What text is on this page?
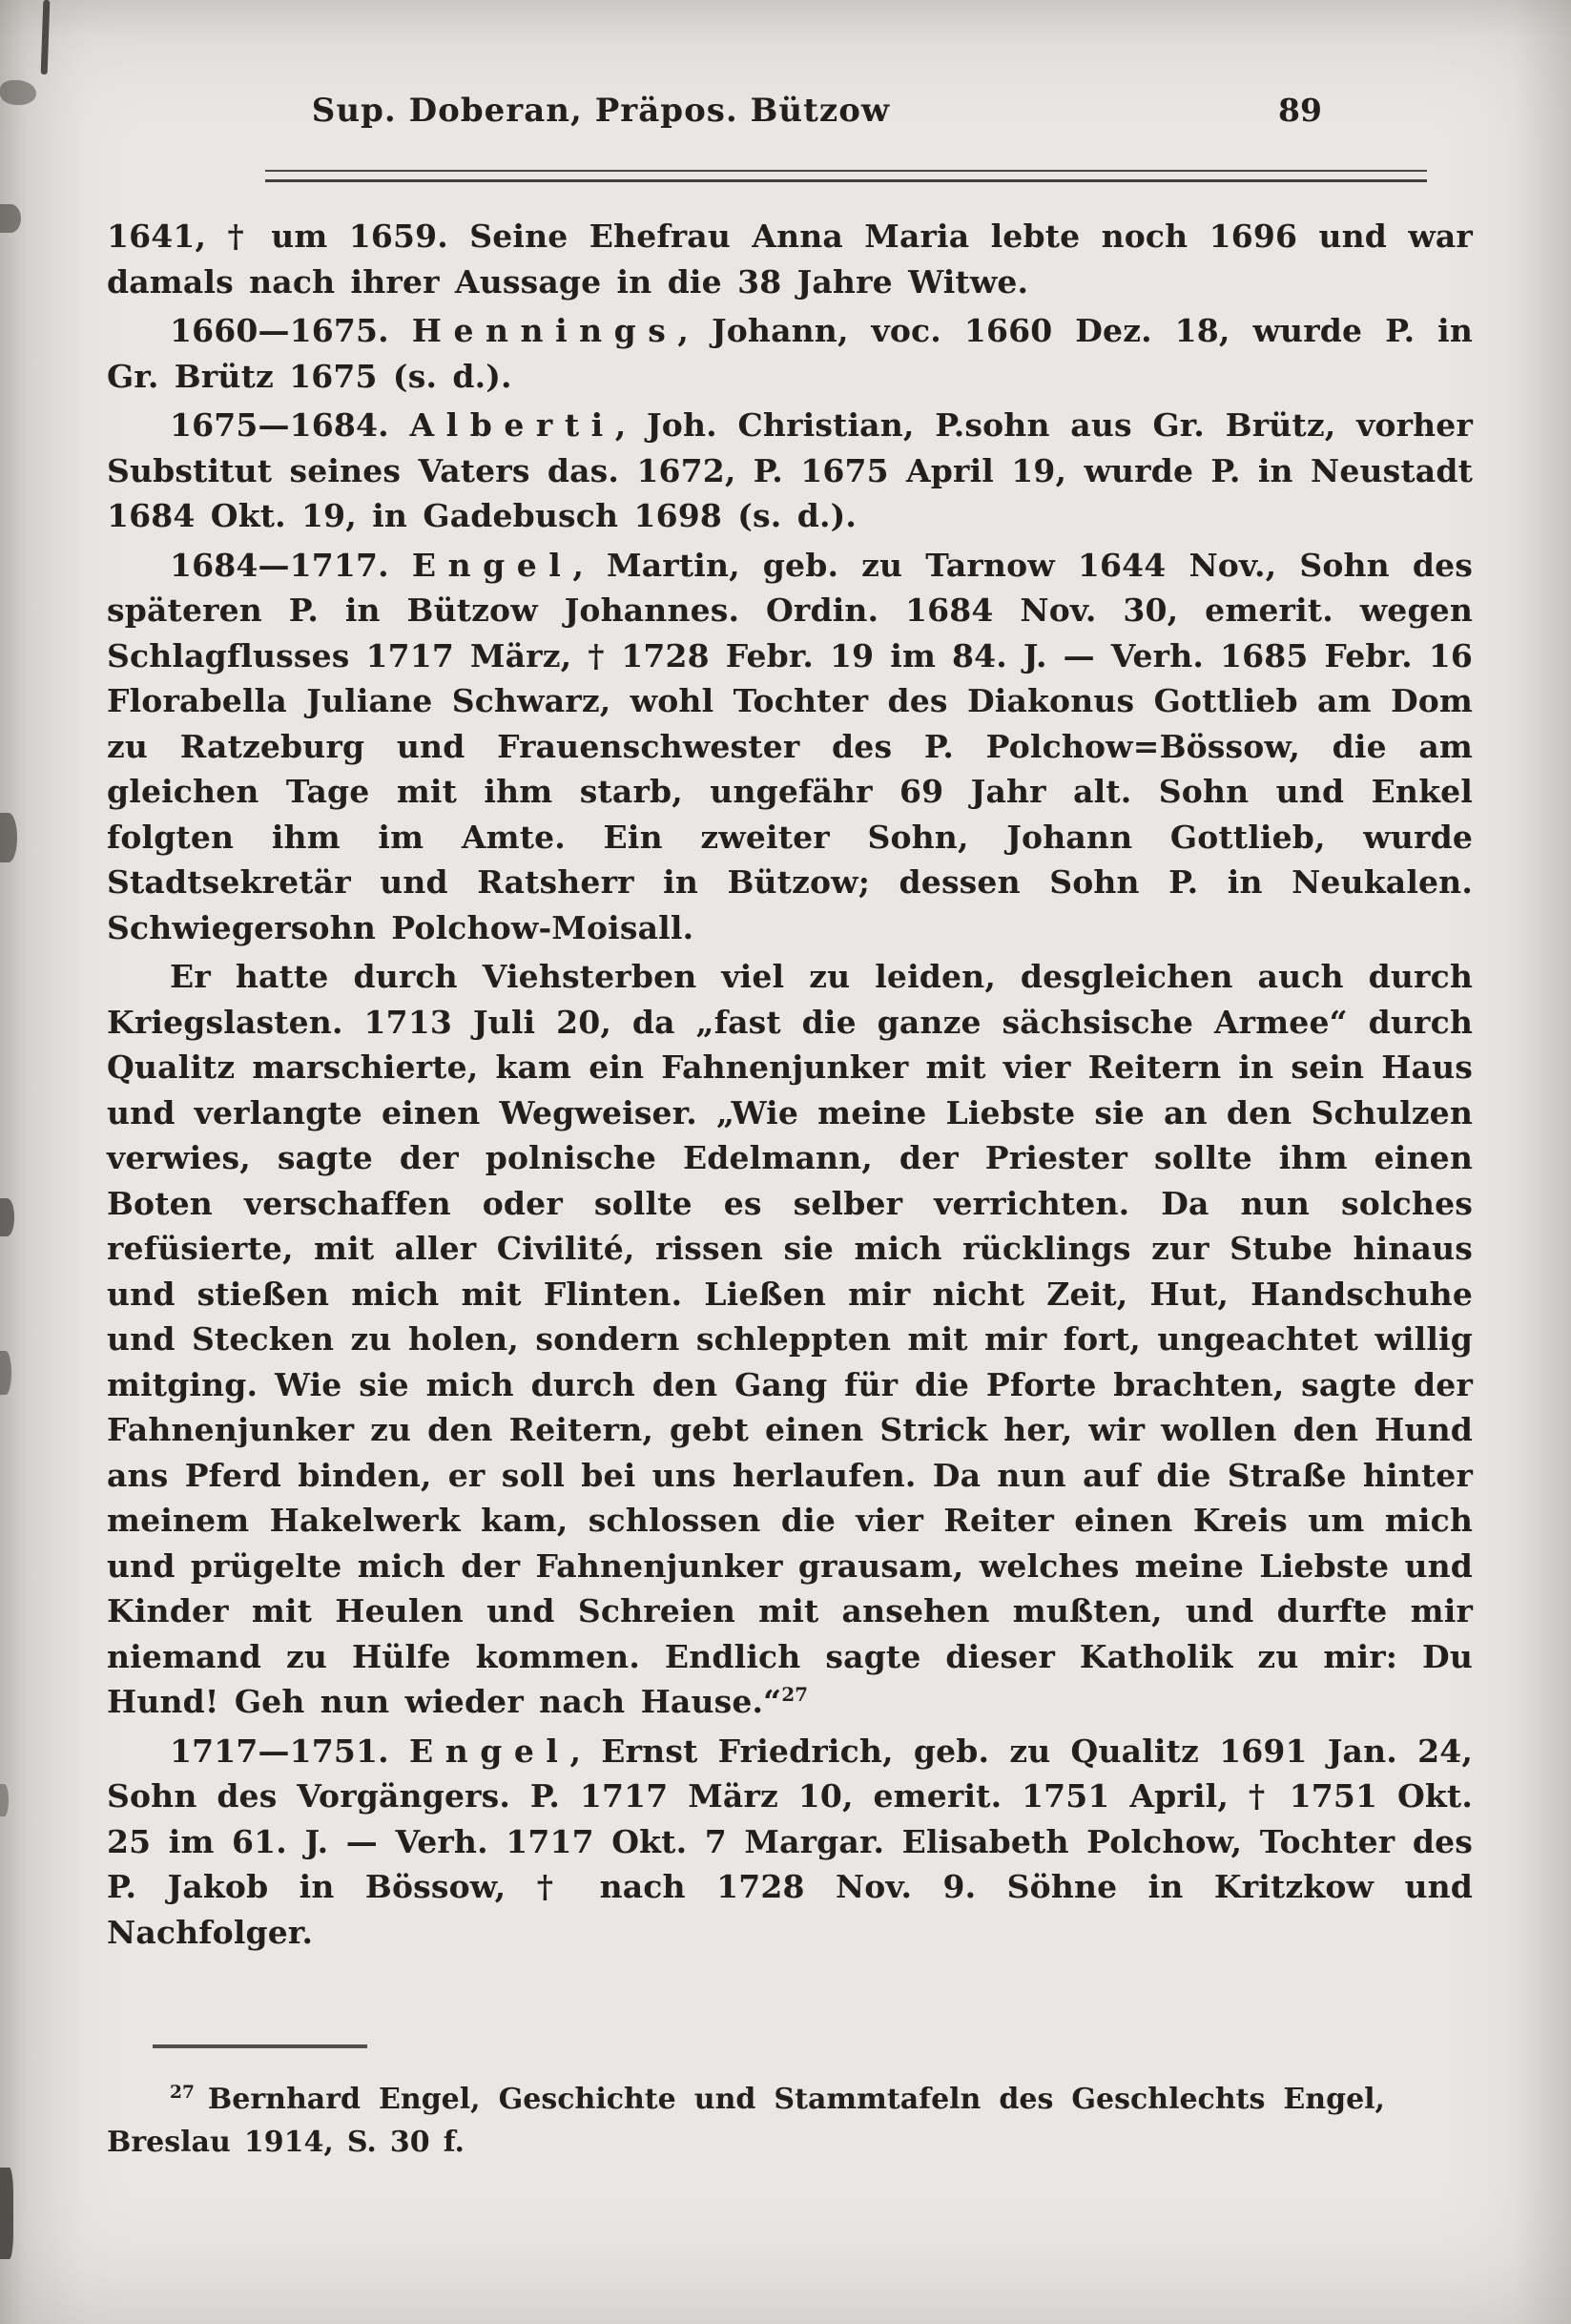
Sup. Doberan, Präpos. Bützow	89

1641, † um 1659. Seine Ehefrau Anna Maria lebte noch 1696 und war damals nach ihrer Aussage in die 38 Jahre Witwe.

1660—1675. Hennings, Johann, voc. 1660 Dez. 18, wurde P. in Gr. Brütz 1675 (s. d.).

1675—1684. Alberti, Joh. Christian, P.sohn aus Gr. Brütz, vorher Substitut seines Vaters das. 1672, P. 1675 April 19, wurde P. in Neustadt 1684 Okt. 19, in Gadebusch 1698 (s. d.).

1684—1717. Engel, Martin, geb. zu Tarnow 1644 Nov., Sohn des späteren P. in Bützow Johannes. Ordin. 1684 Nov. 30, emerit. wegen Schlagflusses 1717 März, † 1728 Febr. 19 im 84. J. — Verh. 1685 Febr. 16 Florabella Juliane Schwarz, wohl Tochter des Diakonus Gottlieb am Dom zu Ratzeburg und Frauenschwester des P. Polchow=Bössow, die am gleichen Tage mit ihm starb, ungefähr 69 Jahr alt. Sohn und Enkel folgten ihm im Amte. Ein zweiter Sohn, Johann Gottlieb, wurde Stadtsekretär und Ratsherr in Bützow; dessen Sohn P. in Neukalen. Schwiegersohn Polchow-Moisall.

Er hatte durch Viehsterben viel zu leiden, desgleichen auch durch Kriegslasten. 1713 Juli 20, da „fast die ganze sächsische Armee“ durch Qualitz marschierte, kam ein Fahnenjunker mit vier Reitern in sein Haus und verlangte einen Wegweiser. „Wie meine Liebste sie an den Schulzen verwies, sagte der polnische Edelmann, der Priester sollte ihm einen Boten verschaffen oder sollte es selber verrichten. Da nun solches refüsierte, mit aller Civilité, rissen sie mich rücklings zur Stube hinaus und stießen mich mit Flinten. Ließen mir nicht Zeit, Hut, Handschuhe und Stecken zu holen, sondern schleppten mit mir fort, ungeachtet willig mitging. Wie sie mich durch den Gang für die Pforte brachten, sagte der Fahnenjunker zu den Reitern, gebt einen Strick her, wir wollen den Hund ans Pferd binden, er soll bei uns herlaufen. Da nun auf die Straße hinter meinem Hakelwerk kam, schlossen die vier Reiter einen Kreis um mich und prügelte mich der Fahnenjunker grausam, welches meine Liebste und Kinder mit Heulen und Schreien mit ansehen mußten, und durfte mir niemand zu Hülfe kommen. Endlich sagte dieser Katholik zu mir: Du Hund! Geh nun wieder nach Hause.“$^{27}$

1717—1751. Engel, Ernst Friedrich, geb. zu Qualitz 1691 Jan. 24, Sohn des Vorgängers. P. 1717 März 10, emerit. 1751 April, † 1751 Okt. 25 im 61. J. — Verh. 1717 Okt. 7 Margar. Elisabeth Polchow, Tochter des P. Jakob in Bössow, † nach 1728 Nov. 9. Söhne in Kritzkow und Nachfolger.

$^{27}$ Bernhard Engel, Geschichte und Stammtafeln des Geschlechts Engel, Breslau 1914, S. 30 f.
